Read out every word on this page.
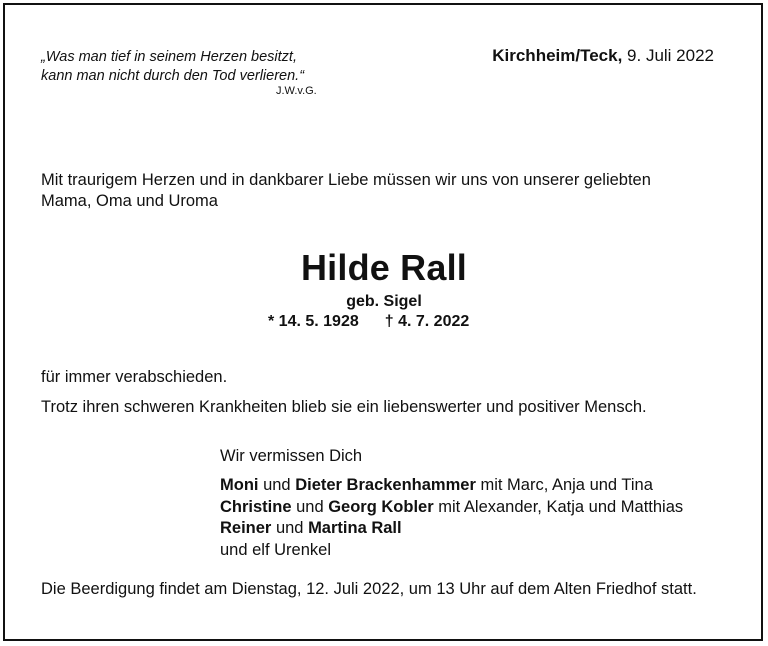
„Was man tief in seinem Herzen besitzt,
kann man nicht durch den Tod verlieren.“
J.W.v.G.
Kirchheim/Teck, 9. Juli 2022
Mit traurigem Herzen und in dankbarer Liebe müssen wir uns von unserer geliebten
Mama, Oma und Uroma
Hilde Rall
geb. Sigel
* 14. 5. 1928 † 4. 7. 2022
für immer verabschieden.
Trotz ihren schweren Krankheiten blieb sie ein liebenswerter und positiver Mensch.
Wir vermissen Dich
Moni und Dieter Brackenhammer mit Marc, Anja und Tina
Christine und Georg Kobler mit Alexander, Katja und Matthias
Reiner und Martina Rall
und elf Urenkel
Die Beerdigung findet am Dienstag, 12. Juli 2022, um 13 Uhr auf dem Alten Friedhof statt.
